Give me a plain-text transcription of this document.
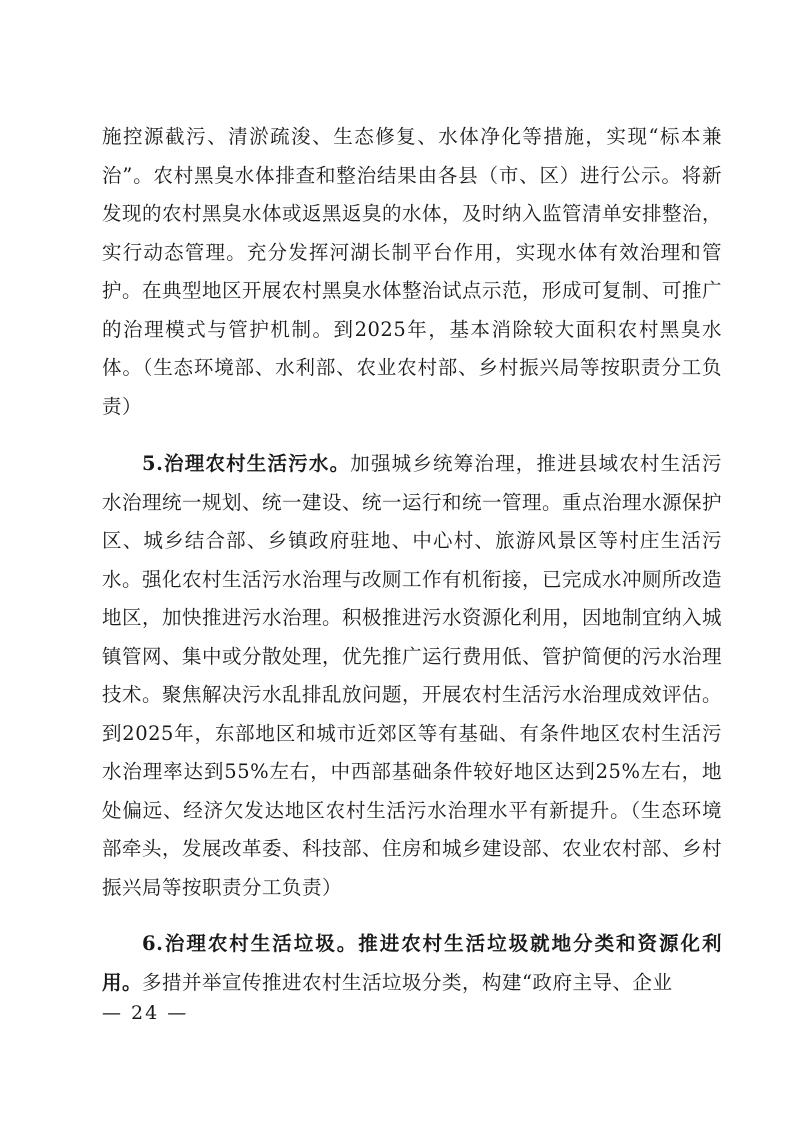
施控源截污、清淤疏浚、生态修复、水体净化等措施，实现“标本兼治”。农村黑臭水体排查和整治结果由各县（市、区）进行公示。将新发现的农村黑臭水体或返黑返臭的水体，及时纳入监管清单安排整治，实行动态管理。充分发挥河湖长制平台作用，实现水体有效治理和管护。在典型地区开展农村黑臭水体整治试点示范，形成可复制、可推广的治理模式与管护机制。到2025年，基本消除较大面积农村黑臭水体。（生态环境部、水利部、农业农村部、乡村振兴局等按职责分工负责）
5.治理农村生活污水。加强城乡统筹治理，推进县域农村生活污水治理统一规划、统一建设、统一运行和统一管理。重点治理水源保护区、城乡结合部、乡镇政府驻地、中心村、旅游风景区等村庄生活污水。强化农村生活污水治理与改厕工作有机衔接，已完成水冲厕所改造地区，加快推进污水治理。积极推进污水资源化利用，因地制宜纳入城镇管网、集中或分散处理，优先推广运行费用低、管护简便的污水治理技术。聚焦解决污水乱排乱放问题，开展农村生活污水治理成效评估。到2025年，东部地区和城市近郊区等有基础、有条件地区农村生活污水治理率达到55%左右，中西部基础条件较好地区达到25%左右，地处偏远、经济欠发达地区农村生活污水治理水平有新提升。（生态环境部牵头，发展改革委、科技部、住房和城乡建设部、农业农村部、乡村振兴局等按职责分工负责）
6.治理农村生活垃圾。推进农村生活垃圾就地分类和资源化利用。多措并举宣传推进农村生活垃圾分类，构建“政府主导、企业
— 24 —
